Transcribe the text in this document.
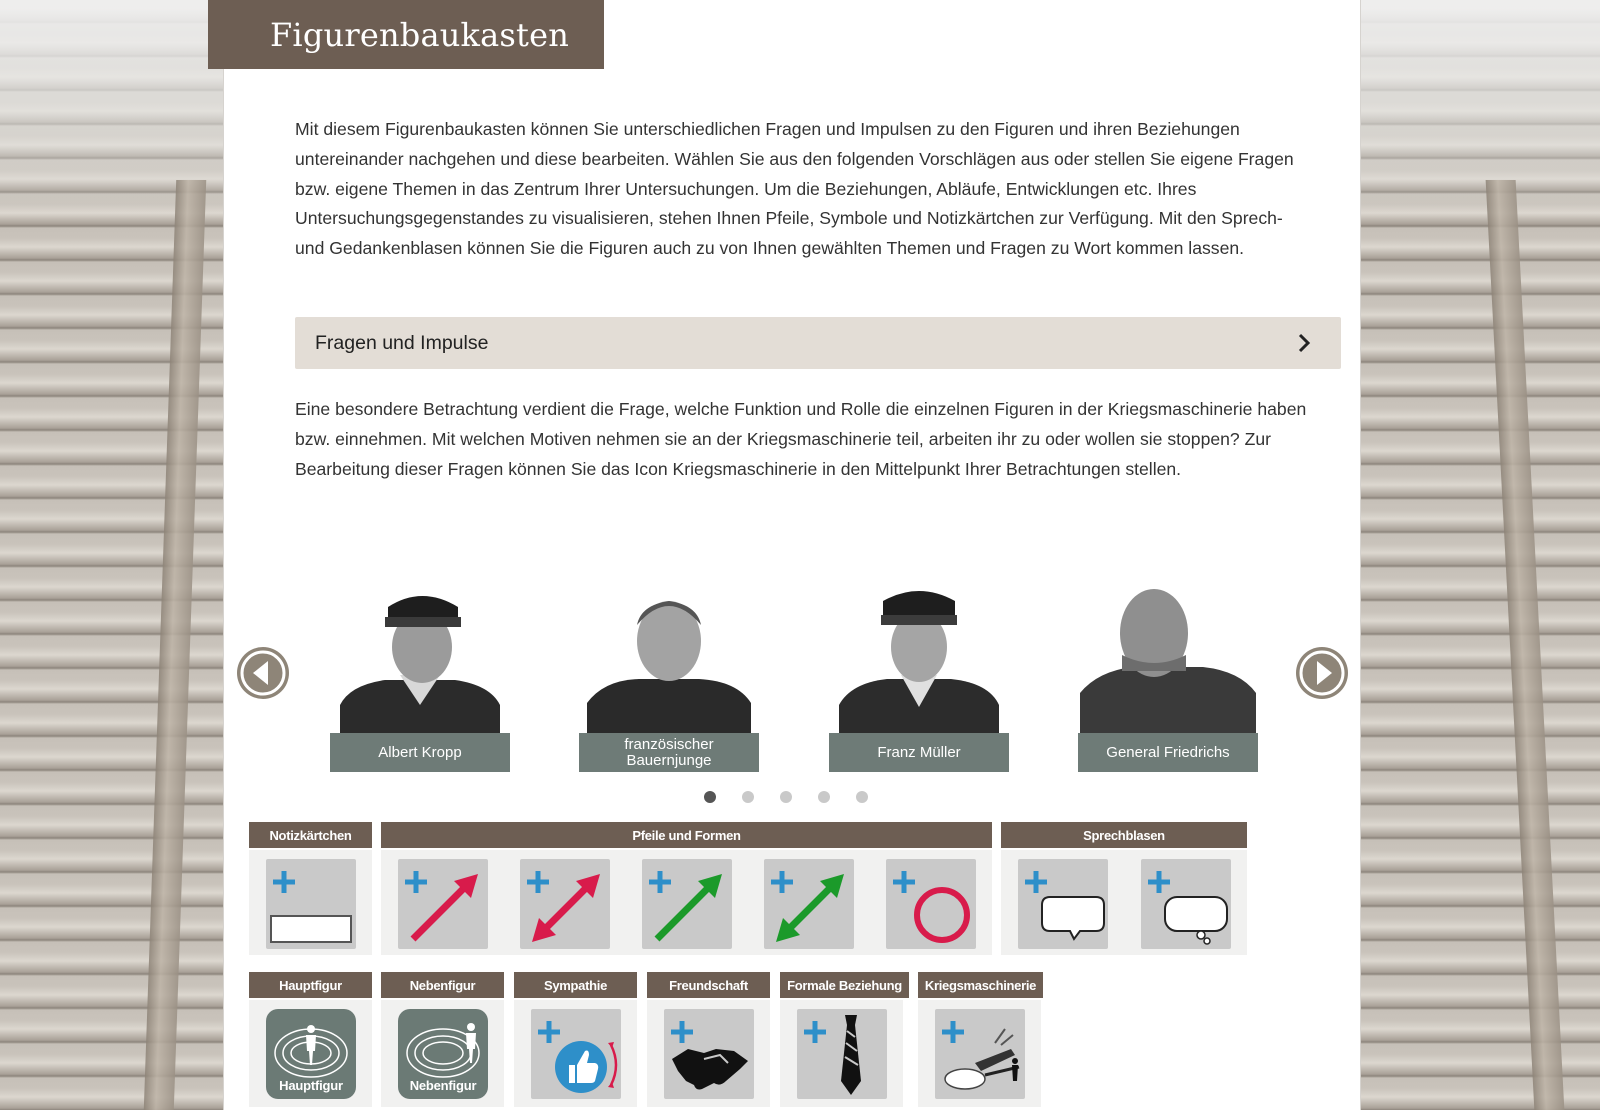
Figurenbaukasten

Mit diesem Figurenbaukasten können Sie unterschiedlichen Fragen und Impulsen zu den Figuren und ihren Beziehungen untereinander nachgehen und diese bearbeiten. Wählen Sie aus den folgenden Vorschlägen aus oder stellen Sie eigene Fragen bzw. eigene Themen in das Zentrum Ihrer Untersuchungen. Um die Beziehungen, Abläufe, Entwicklungen etc. Ihres Untersuchungsgegenstandes zu visualisieren, stehen Ihnen Pfeile, Symbole und Notizkärtchen zur Verfügung. Mit den Sprech- und Gedankenblasen können Sie die Figuren auch zu von Ihnen gewählten Themen und Fragen zu Wort kommen lassen.

Fragen und Impulse

Eine besondere Betrachtung verdient die Frage, welche Funktion und Rolle die einzelnen Figuren in der Kriegsmaschinerie haben bzw. einnehmen. Mit welchen Motiven nehmen sie an der Kriegsmaschinerie teil, arbeiten ihr zu oder wollen sie stoppen? Zur Bearbeitung dieser Fragen können Sie das Icon Kriegsmaschinerie in den Mittelpunkt Ihrer Betrachtungen stellen.

Albert Kropp	französischer Bauernjunge	Franz Müller	General Friedrichs
Notizkärtchen	Pfeile und Formen	Sprechblasen
Hauptfigur	Nebenfigur	Sympathie	Freundschaft	Formale Beziehung	Kriegsmaschinerie
Hauptfigur	Nebenfigur
